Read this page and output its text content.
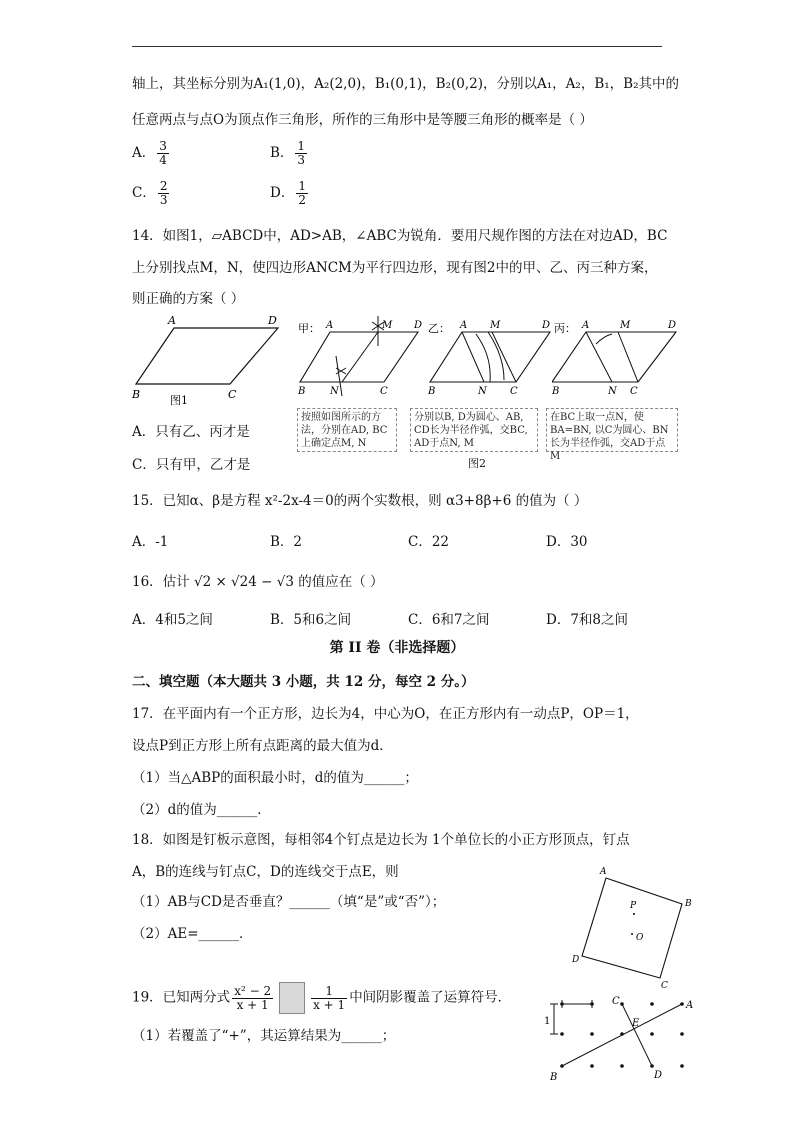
轴上，其坐标分别为A₁(1,0)，A₂(2,0)，B₁(0,1)，B₂(0,2)，分别以A₁，A₂，B₁，B₂其中的
任意两点与点O为顶点作三角形，所作的三角形中是等腰三角形的概率是（ ）
A． $\frac{3}{4}$	B． $\frac{1}{3}$
C． $\frac{2}{3}$	D． $\frac{1}{2}$
14．如图1，▱ABCD中，AD>AB，∠ABC为锐角．要用尺规作图的方法在对边AD，BC
上分别找点M，N，使四边形ANCM为平行四边形，现有图2中的甲、乙、丙三种方案，
则正确的方案（ ）
A	D
B	C
图1
甲： A	M D
B N	C
按照如图所示的方法，分别在AD, BC上确定点M, N
乙： A M	D
B	N C
分别以B, D为圆心、AB, CD长为半径作弧，交BC, AD于点N, M
丙： A	M	D
B	N C
在BC上取一点N，使BA=BN, 以C为圆心、BN长为半径作弧，交AD于点M
图2
A．只有乙、丙才是
C．只有甲，乙才是
15．已知α、β是方程 x²-2x-4＝0的两个实数根，则 α3+8β+6 的值为（ ）
A．-1	B．2	C．22	D．30
16．估计 √2 × √24 − √3 的值应在（ ）
A．4和5之间	B．5和6之间	C．6和7之间	D．7和8之间
第 II 卷（非选择题）
二、填空题（本大题共 3 小题，共 12 分，每空 2 分。）
17．在平面内有一个正方形，边长为4，中心为O，在正方形内有一动点P，OP＝1，
设点P到正方形上所有点距离的最大值为d．
（1）当△ABP的面积最小时，d的值为______；
（2）d的值为______．
18．如图是钉板示意图，每相邻4个钉点是边长为 1个单位长的小正方形顶点，钉点
A，B的连线与钉点C，D的连线交于点E，则
（1）AB与CD是否垂直？______（填“是”或“否”）；
（2）AE=______．
A
B
C
D
P
O
19．已知两分式 $\frac{\text{x² − 2}}{x + 1}$	$\frac{1}{x + 1}$ 中间阴影覆盖了运算符号．
（1）若覆盖了“+”，其运算结果为______；
1
A
B
C
D
E
